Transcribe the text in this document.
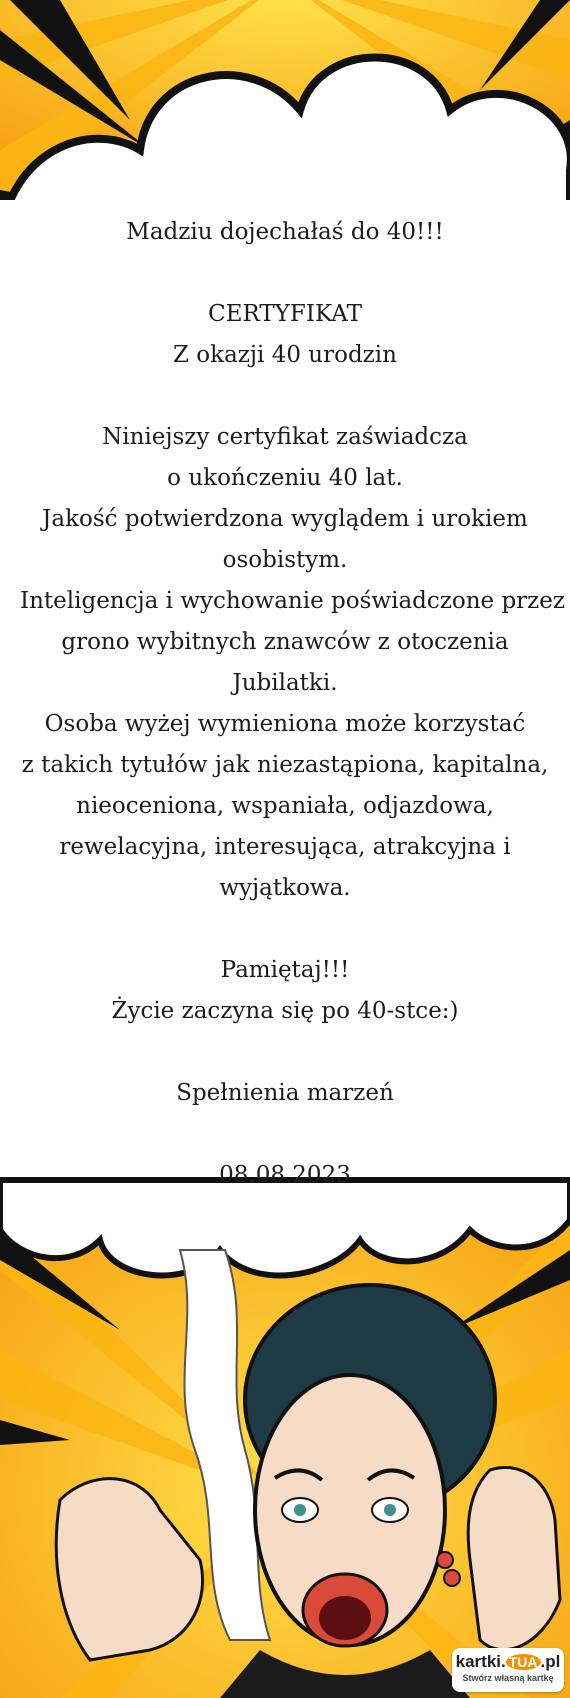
Madziu dojechałaś do 40!!!
CERTYFIKAT
Z okazji 40 urodzin
Niniejszy certyfikat zaświadcza
o ukończeniu 40 lat.
Jakość potwierdzona wyglądem i urokiem
osobistym.
Inteligencja i wychowanie poświadczone przez
grono wybitnych znawców z otoczenia
Jubilatki.
Osoba wyżej wymieniona może korzystać
z takich tytułów jak niezastąpiona, kapitalna,
nieoceniona, wspaniała, odjazdowa,
rewelacyjna, interesująca, atrakcyjna i
wyjątkowa.
Pamiętaj!!!
Życie zaczyna się po 40-stce:)
Spełnienia marzeń
08.08.2023
kartki. TUA .pl
Stwórz własną kartkę
